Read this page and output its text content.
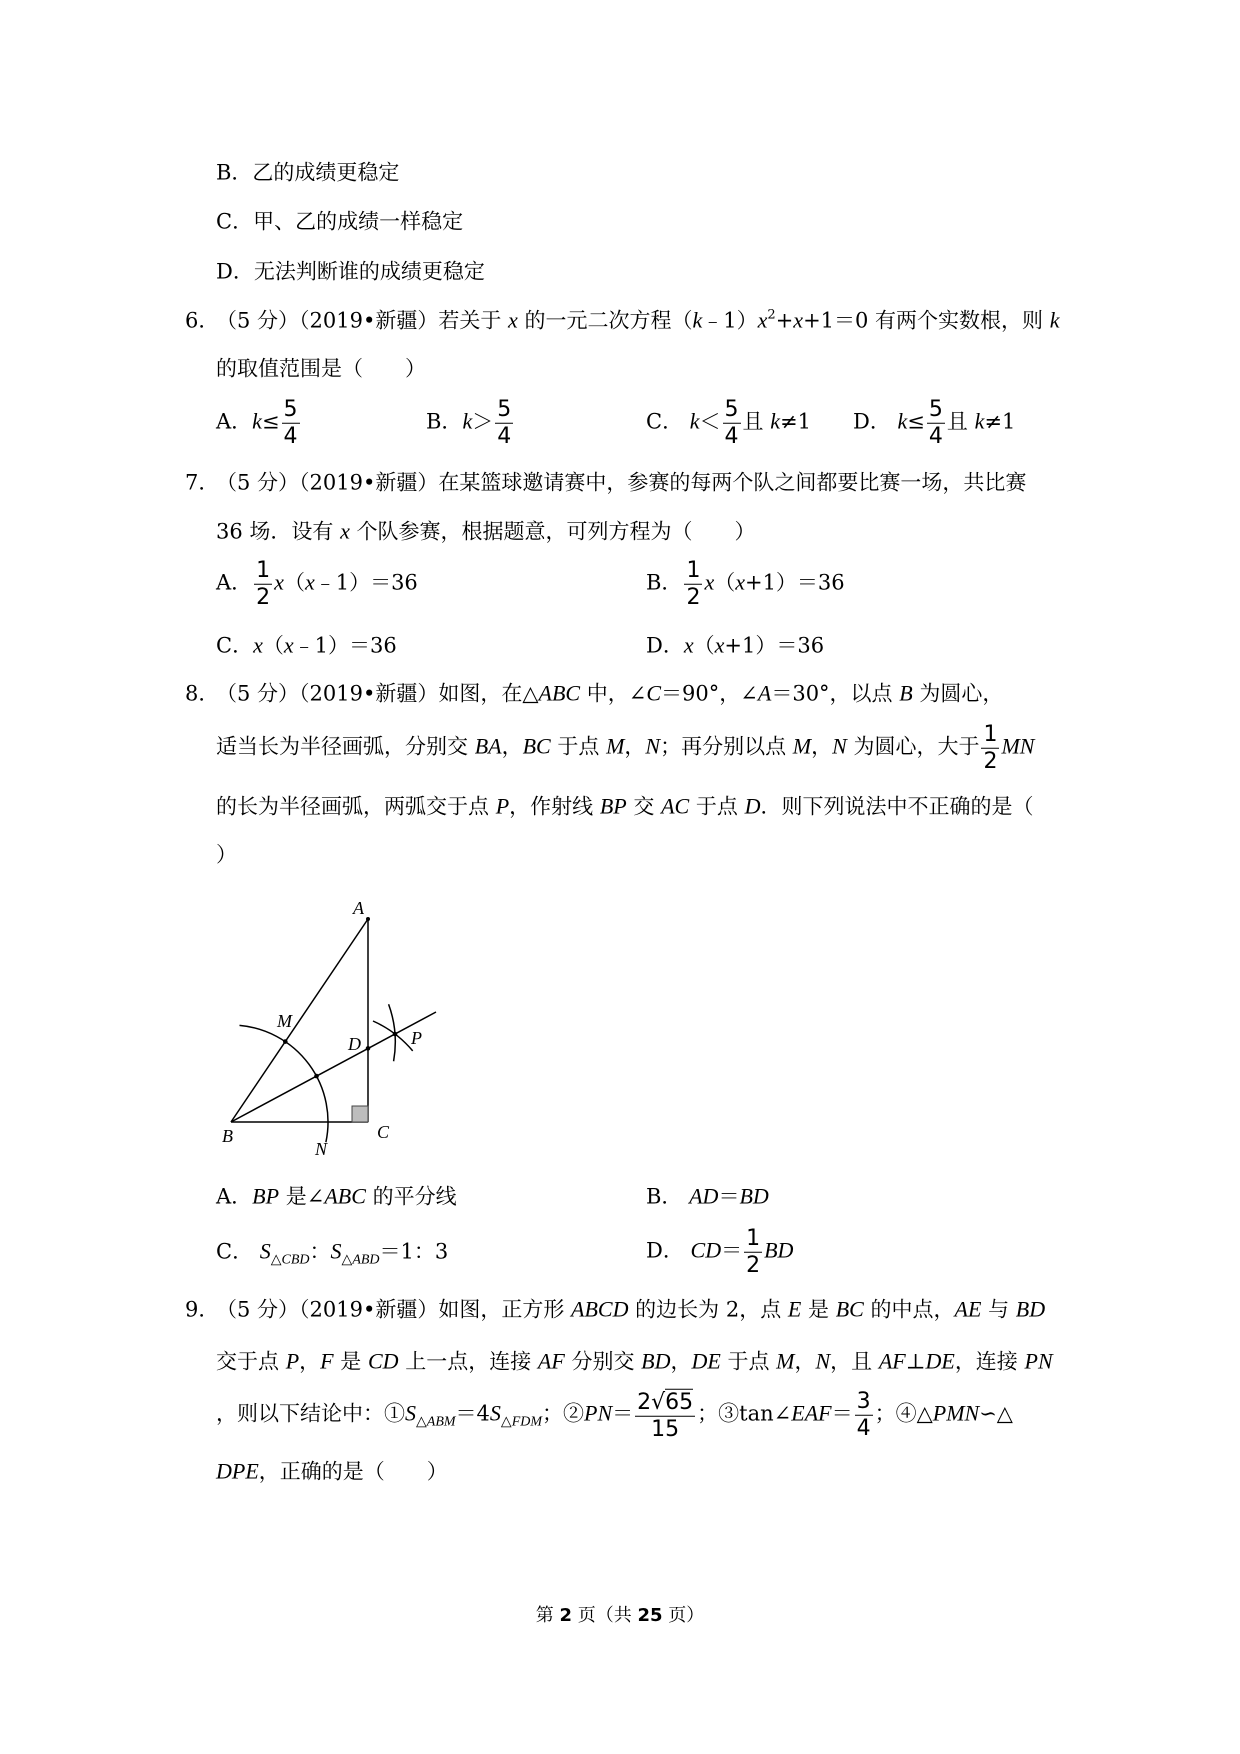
B．乙的成绩更稳定
C．甲、乙的成绩一样稳定
D．无法判断谁的成绩更稳定
6．（5 分）（2019•新疆）若关于 x 的一元二次方程$(k﹣1)x^2+x+1=0$ 有两个实数根，则 k
的取值范围是（　　）
A．$k\le \frac{5}{4}$	B．$k> \frac{5}{4}$	C． $k< \frac{5}{4}$ 且 k≠1 D． $k\le \frac{5}{4}$ 且 k≠1
7．（5 分）（2019•新疆）在某篮球邀请赛中，参赛的每两个队之间都要比赛一场，共比赛
36 场．设有 x 个队参赛，根据题意，可列方程为（　　）
A． $\frac{1}{2}$ x（x﹣1）＝36	B． $\frac{1}{2} x(x+1)=36$
C．x（x﹣1）＝36	D．x（x+1）＝36
8．（5 分）（2019•新疆）如图，在△ABC 中，∠C＝90°，∠A＝30°，以点 B 为圆心，
适当长为半径画弧，分别交 BA，BC 于点 M，N；再分别以点 M，N 为圆心，大于 $\frac{1}{2}$ MN
的长为半径画弧，两弧交于点 P，作射线 BP 交 AC 于点 D．则下列说法中不正确的是（
）
A
M
D	P
B
N
C
A．BP 是∠ABC 的平分线	B． AD＝BD
C． $S_{\triangle CBD}$：$S_{\triangle ABD}=1$：3	D． $CD= \frac{1}{2}$ BD
9．（5 分）（2019•新疆）如图，正方形 ABCD 的边长为 2，点 E 是 BC 的中点，AE 与 BD
交于点 P，F 是 CD 上一点，连接 AF 分别交 BD，DE 于点 M，N，且 AF⊥DE，连接 PN
，则以下结论中：$①S_{\triangle ABM}=4S_{\triangle FDM}$；②PN＝ $\frac{2√65}{15}$ ；③tan∠EAF＝ $\frac{3}{4}$ ；④△PMN∽△
DPE，正确的是（　　）
第 2 页（共 25 页）
